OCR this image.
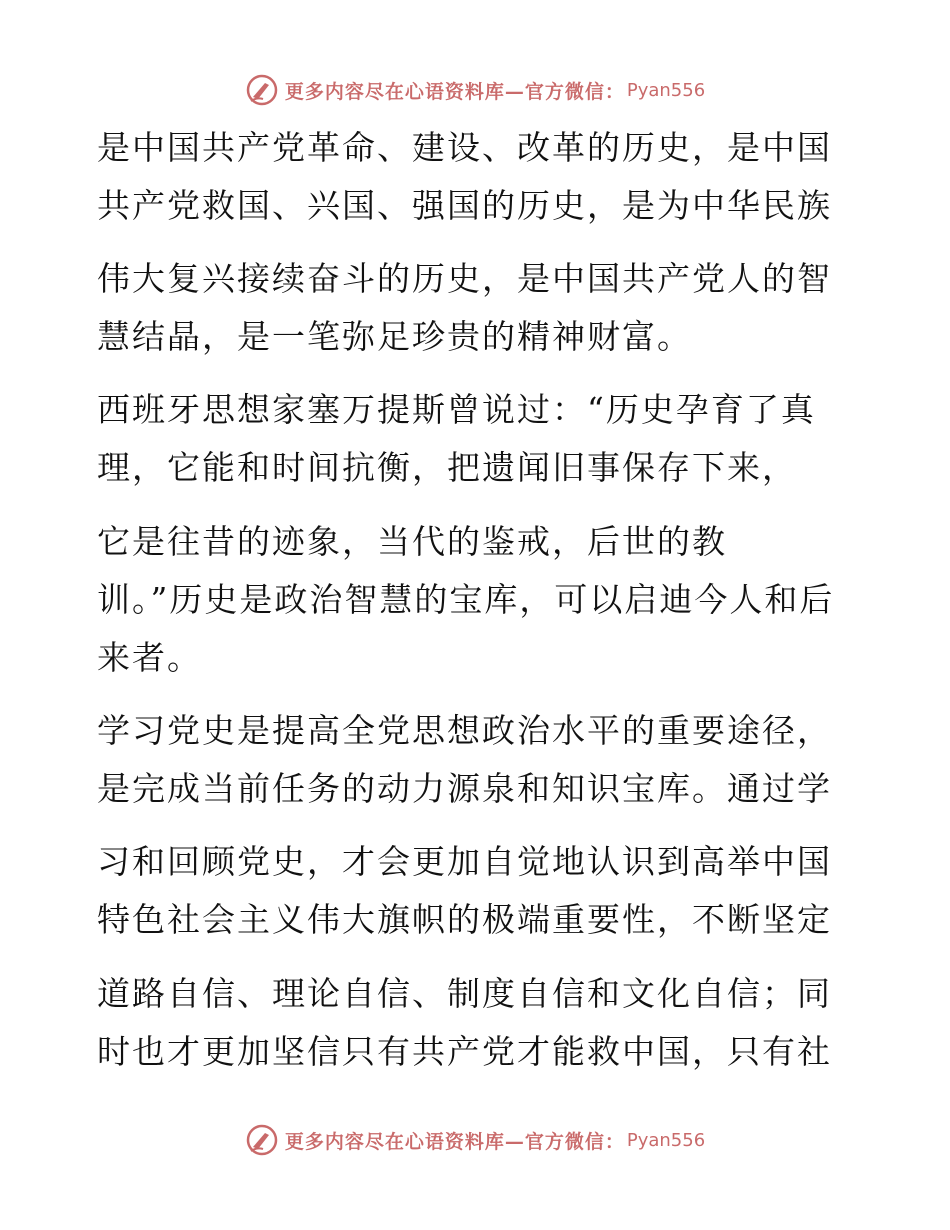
更多内容尽在心语资料库—官方微信： Pyan556
是中国共产党革命、建设、改革的历史，是中国
共产党救国、兴国、强国的历史，是为中华民族
伟大复兴接续奋斗的历史，是中国共产党人的智
慧结晶，是一笔弥足珍贵的精神财富。
西班牙思想家塞万提斯曾说过：“历史孕育了真
理，它能和时间抗衡，把遗闻旧事保存下来，
它是往昔的迹象，当代的鉴戒，后世的教
训。”历史是政治智慧的宝库，可以启迪今人和后
来者。
学习党史是提高全党思想政治水平的重要途径，
是完成当前任务的动力源泉和知识宝库。通过学
习和回顾党史，才会更加自觉地认识到高举中国
特色社会主义伟大旗帜的极端重要性，不断坚定
道路自信、理论自信、制度自信和文化自信；同
时也才更加坚信只有共产党才能救中国，只有社
更多内容尽在心语资料库—官方微信： Pyan556
